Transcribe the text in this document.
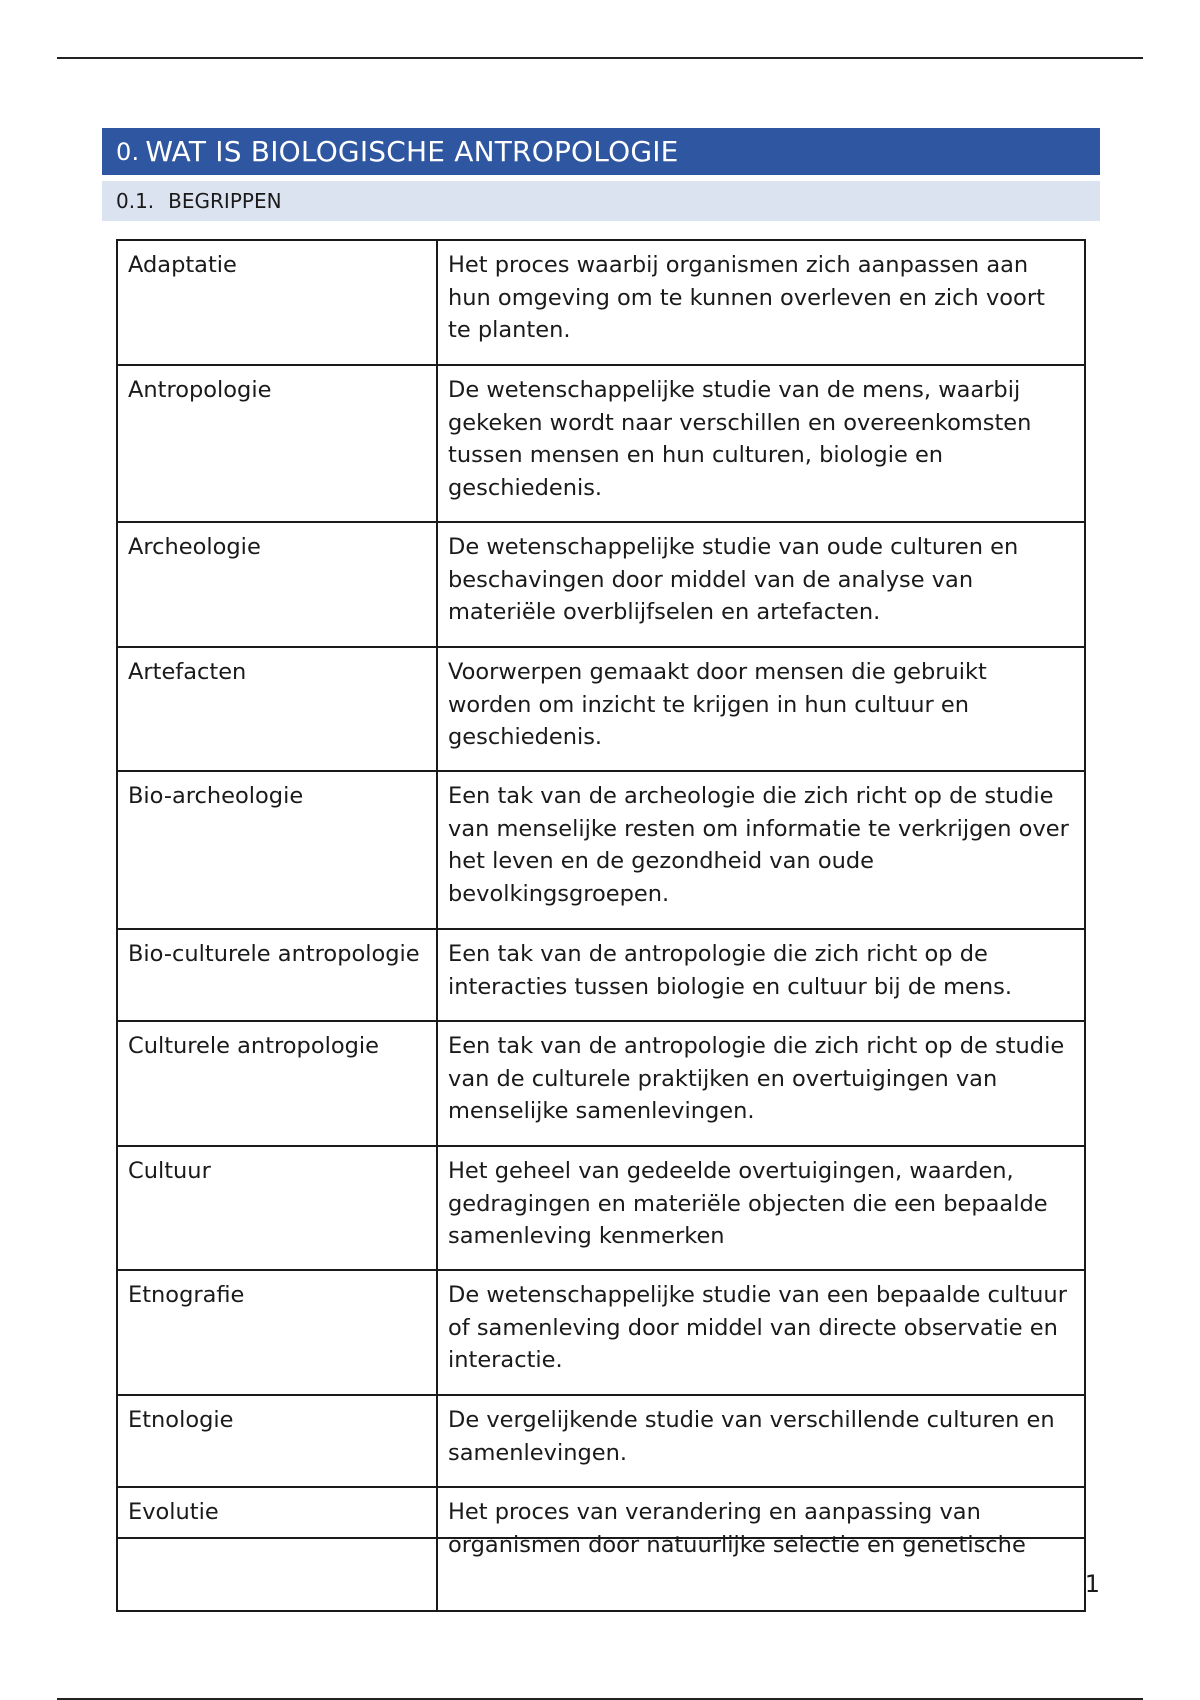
0. WAT IS BIOLOGISCHE ANTROPOLOGIE
0.1. BEGRIPPEN
Adaptatie	Het proces waarbij organismen zich aanpassen aan hun omgeving om te kunnen overleven en zich voort te planten.
Antropologie	De wetenschappelijke studie van de mens, waarbij gekeken wordt naar verschillen en overeenkomsten tussen mensen en hun culturen, biologie en geschiedenis.
Archeologie	De wetenschappelijke studie van oude culturen en beschavingen door middel van de analyse van materiële overblijfselen en artefacten.
Artefacten	Voorwerpen gemaakt door mensen die gebruikt worden om inzicht te krijgen in hun cultuur en geschiedenis.
Bio-archeologie	Een tak van de archeologie die zich richt op de studie van menselijke resten om informatie te verkrijgen over het leven en de gezondheid van oude bevolkingsgroepen.
Bio-culturele antropologie	Een tak van de antropologie die zich richt op de interacties tussen biologie en cultuur bij de mens.
Culturele antropologie	Een tak van de antropologie die zich richt op de studie van de culturele praktijken en overtuigingen van menselijke samenlevingen.
Cultuur	Het geheel van gedeelde overtuigingen, waarden, gedragingen en materiële objecten die een bepaalde samenleving kenmerken
Etnografie	De wetenschappelijke studie van een bepaalde cultuur of samenleving door middel van directe observatie en interactie.
Etnologie	De vergelijkende studie van verschillende culturen en samenlevingen.
Evolutie	Het proces van verandering en aanpassing van organismen door natuurlijke selectie en genetische
1
